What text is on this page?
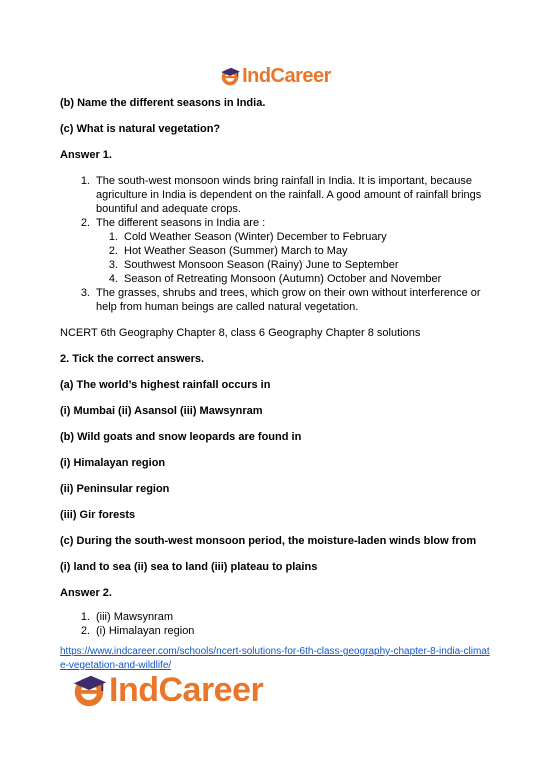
IndCareer

(b) Name the different seasons in India.

(c) What is natural vegetation?

Answer 1.

1. The south-west monsoon winds bring rainfall in India. It is important, because agriculture in India is dependent on the rainfall. A good amount of rainfall brings bountiful and adequate crops.
2. The different seasons in India are :
1. Cold Weather Season (Winter) December to February
2. Hot Weather Season (Summer) March to May
3. Southwest Monsoon Season (Rainy) June to September
4. Season of Retreating Monsoon (Autumn) October and November
3. The grasses, shrubs and trees, which grow on their own without interference or help from human beings are called natural vegetation.

NCERT 6th Geography Chapter 8, class 6 Geography Chapter 8 solutions

2. Tick the correct answers.

(a) The world’s highest rainfall occurs in

(i) Mumbai (ii) Asansol (iii) Mawsynram

(b) Wild goats and snow leopards are found in

(i) Himalayan region

(ii) Peninsular region

(iii) Gir forests

(c) During the south-west monsoon period, the moisture-laden winds blow from

(i) land to sea (ii) sea to land (iii) plateau to plains

Answer 2.

1. (iii) Mawsynram
2. (i) Himalayan region
https://www.indcareer.com/schools/ncert-solutions-for-6th-class-geography-chapter-8-india-climate-vegetation-and-wildlife/
IndCareer
